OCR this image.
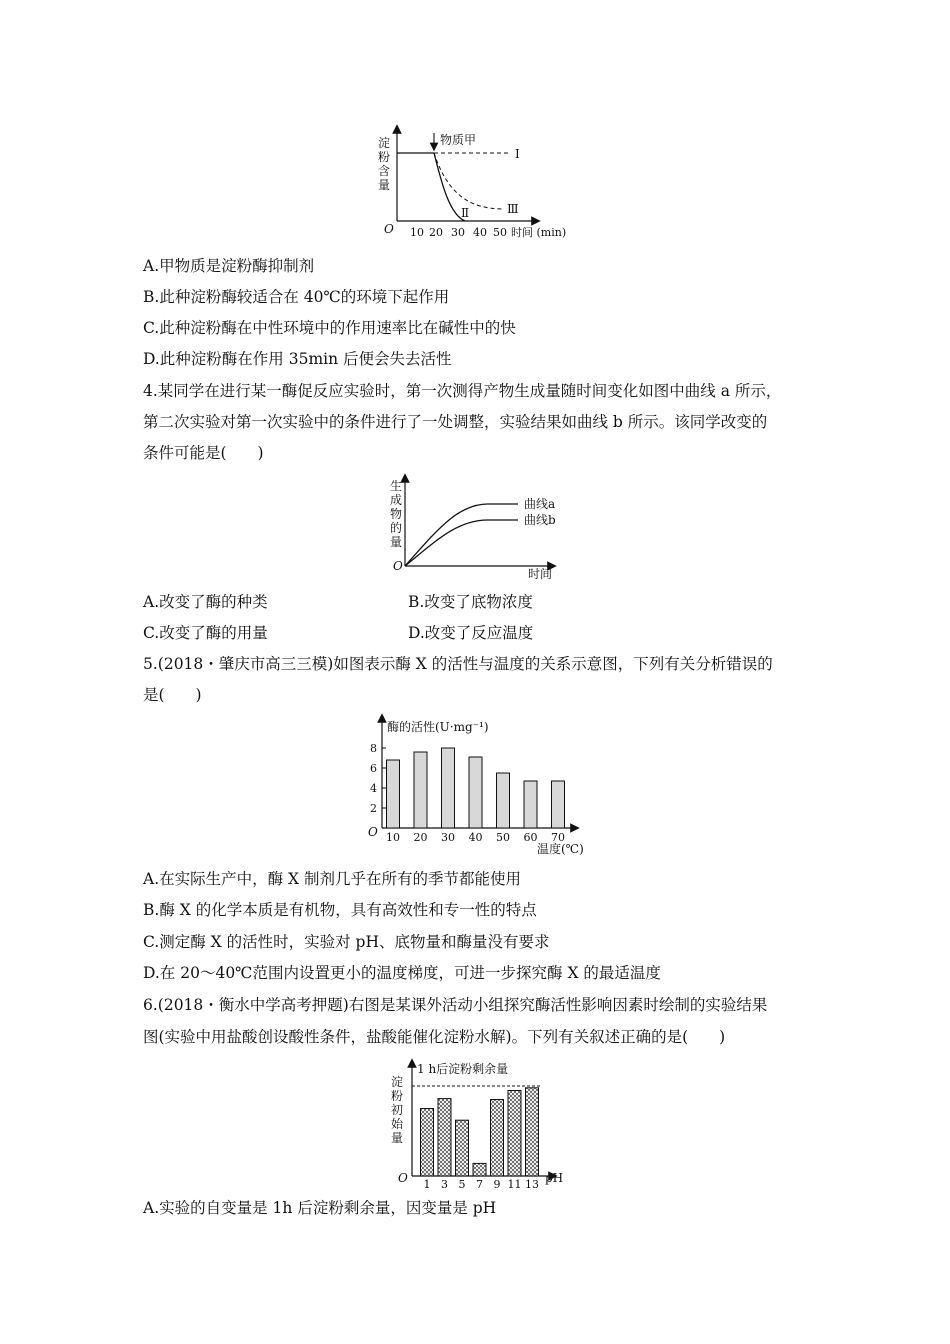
淀
粉
含
量
O 10 20 30 40 50 时间 (min)
物质甲
Ⅰ
Ⅱ	Ⅲ
A.甲物质是淀粉酶抑制剂
B.此种淀粉酶较适合在 40℃的环境下起作用
C.此种淀粉酶在中性环境中的作用速率比在碱性中的快
D.此种淀粉酶在作用 35min 后便会失去活性
4.某同学在进行某一酶促反应实验时，第一次测得产物生成量随时间变化如图中曲线 a 所示，
第二次实验对第一次实验中的条件进行了一处调整，实验结果如曲线 b 所示。该同学改变的
条件可能是(　　)
生
成
物
的
量
O
时间
曲线a
曲线b
A.改变了酶的种类	B.改变了底物浓度
C.改变了酶的用量	D.改变了反应温度
5.(2018・肇庆市高三三模)如图表示酶 X 的活性与温度的关系示意图，下列有关分析错误的
是(　　)
酶的活性(U·mg⁻¹)
温度(℃)
O
8
6
4
2
10 20 30 40 50 60 70
A.在实际生产中，酶 X 制剂几乎在所有的季节都能使用
B.酶 X 的化学本质是有机物，具有高效性和专一性的特点
C.测定酶 X 的活性时，实验对 pH、底物量和酶量没有要求
D.在 20～40℃范围内设置更小的温度梯度，可进一步探究酶 X 的最适温度
6.(2018・衡水中学高考押题)右图是某课外活动小组探究酶活性影响因素时绘制的实验结果
图(实验中用盐酸创设酸性条件，盐酸能催化淀粉水解)。下列有关叙述正确的是(　　)
1 h后淀粉剩余量
淀
粉
初
始
量
O	pH
1 3 5 7 9 11 13
A.实验的自变量是 1h 后淀粉剩余量，因变量是 pH
